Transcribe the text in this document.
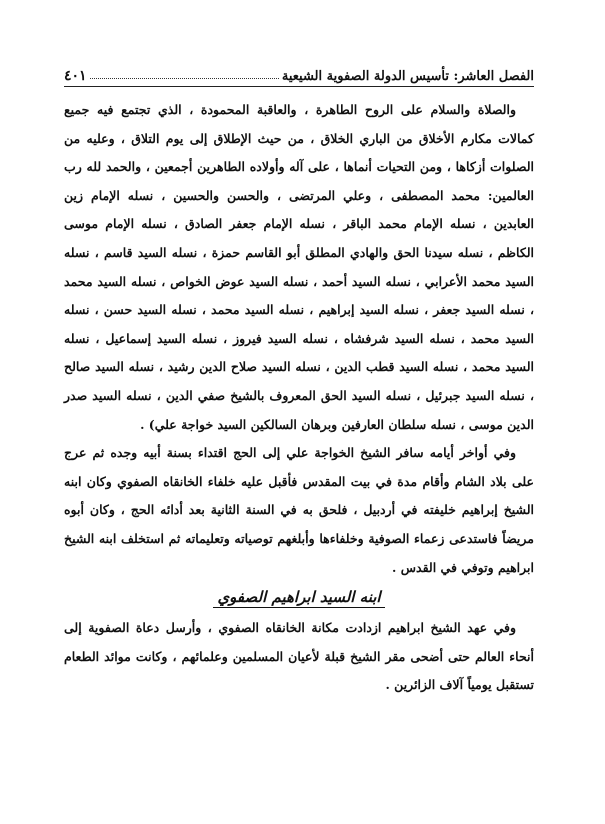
الفصل العاشر: تأسيس الدولة الصفوية الشيعية
٤٠١

والصلاة والسلام على الروح الطاهرة ، والعاقبة المحمودة ، الذي تجتمع فيه جميع كمالات مكارم الأخلاق من الباري الخلاق ، من حيث الإطلاق إلى يوم التلاق ، وعليه من الصلوات أزكاها ، ومن التحيات أنماها ، على آله وأولاده الطاهرين أجمعين ، والحمد لله رب العالمين: محمد المصطفى ، وعلي المرتضى ، والحسن والحسين ، نسله الإمام زين العابدين ، نسله الإمام محمد الباقر ، نسله الإمام جعفر الصادق ، نسله الإمام موسى الكاظم ، نسله سيدنا الحق والهادي المطلق أبو القاسم حمزة ، نسله السيد قاسم ، نسله السيد محمد الأعرابي ، نسله السيد أحمد ، نسله السيد عوض الخواص ، نسله السيد محمد ، نسله السيد جعفر ، نسله السيد إبراهيم ، نسله السيد محمد ، نسله السيد حسن ، نسله السيد محمد ، نسله السيد شرفشاه ، نسله السيد فيروز ، نسله السيد إسماعيل ، نسله السيد محمد ، نسله السيد قطب الدين ، نسله السيد صلاح الدين رشيد ، نسله السيد صالح ، نسله السيد جبرئيل ، نسله السيد الحق المعروف بالشيخ صفي الدين ، نسله السيد صدر الدين موسى ، نسله سلطان العارفين وبرهان السالكين السيد خواجة علي) .

وفي أواخر أيامه سافر الشيخ الخواجة علي إلى الحج اقتداء بسنة أبيه وجده ثم عرج على بلاد الشام وأقام مدة في بيت المقدس فأقبل عليه خلفاء الخانقاه الصفوي وكان ابنه الشيخ إبراهيم خليفته في أردبيل ، فلحق به في السنة الثانية بعد أدائه الحج ، وكان أبوه مريضاً فاستدعى زعماء الصوفية وخلفاءها وأبلغهم توصياته وتعليماته ثم استخلف ابنه الشيخ ابراهيم وتوفي في القدس .

ابنه السيد ابراهيم الصفوي

وفي عهد الشيخ ابراهيم ازدادت مكانة الخانقاه الصفوي ، وأرسل دعاة الصفوية إلى أنحاء العالم حتى أضحى مقر الشيخ قبلة لأعيان المسلمين وعلمائهم ، وكانت موائد الطعام تستقبل يومياً آلاف الزائرين .
